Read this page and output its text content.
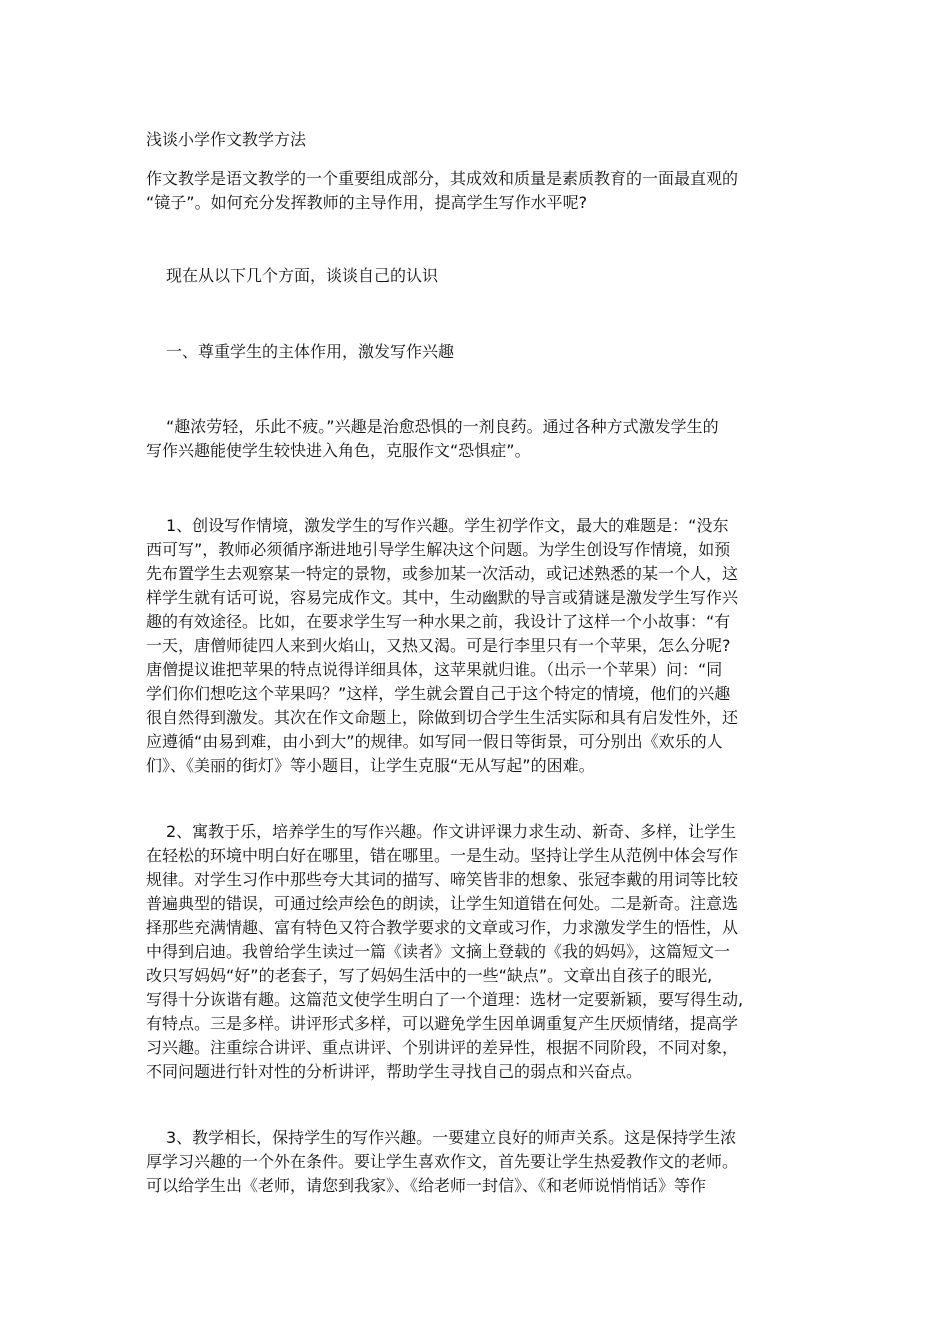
浅谈小学作文教学方法
作文教学是语文教学的一个重要组成部分，其成效和质量是素质教育的一面最直观的
“镜子”。如何充分发挥教师的主导作用，提高学生写作水平呢?
现在从以下几个方面，谈谈自己的认识
一、尊重学生的主体作用，激发写作兴趣
“趣浓劳轻，乐此不疲。”兴趣是治愈恐惧的一剂良药。通过各种方式激发学生的
写作兴趣能使学生较快进入角色，克服作文“恐惧症”。
1、创设写作情境，激发学生的写作兴趣。学生初学作文，最大的难题是：“没东
西可写”，教师必须循序渐进地引导学生解决这个问题。为学生创设写作情境，如预
先布置学生去观察某一特定的景物，或参加某一次活动，或记述熟悉的某一个人，这
样学生就有话可说，容易完成作文。其中，生动幽默的导言或猜谜是激发学生写作兴
趣的有效途径。比如，在要求学生写一种水果之前，我设计了这样一个小故事：“有
一天，唐僧师徒四人来到火焰山，又热又渴。可是行李里只有一个苹果，怎么分呢?
唐僧提议谁把苹果的特点说得详细具体，这苹果就归谁。（出示一个苹果）问：“同
学们你们想吃这个苹果吗？”这样，学生就会置自己于这个特定的情境，他们的兴趣
很自然得到激发。其次在作文命题上，除做到切合学生生活实际和具有启发性外，还
应遵循“由易到难，由小到大”的规律。如写同一假日等街景，可分别出《欢乐的人
们》、《美丽的街灯》等小题目，让学生克服“无从写起”的困难。
2、寓教于乐，培养学生的写作兴趣。作文讲评课力求生动、新奇、多样，让学生
在轻松的环境中明白好在哪里，错在哪里。一是生动。坚持让学生从范例中体会写作
规律。对学生习作中那些夸大其词的描写、啼笑皆非的想象、张冠李戴的用词等比较
普遍典型的错误，可通过绘声绘色的朗读，让学生知道错在何处。二是新奇。注意选
择那些充满情趣、富有特色又符合教学要求的文章或习作，力求激发学生的悟性，从
中得到启迪。我曾给学生读过一篇《读者》文摘上登载的《我的妈妈》，这篇短文一
改只写妈妈“好”的老套子，写了妈妈生活中的一些“缺点”。文章出自孩子的眼光,
写得十分诙谐有趣。这篇范文使学生明白了一个道理：选材一定要新颖，要写得生动,
有特点。三是多样。讲评形式多样，可以避免学生因单调重复产生厌烦情绪，提高学
习兴趣。注重综合讲评、重点讲评、个别讲评的差异性，根据不同阶段，不同对象，
不同问题进行针对性的分析讲评，帮助学生寻找自己的弱点和兴奋点。
3、教学相长，保持学生的写作兴趣。一要建立良好的师声关系。这是保持学生浓
厚学习兴趣的一个外在条件。要让学生喜欢作文，首先要让学生热爱教作文的老师。
可以给学生出《老师，请您到我家》、《给老师一封信》、《和老师说悄悄话》等作
